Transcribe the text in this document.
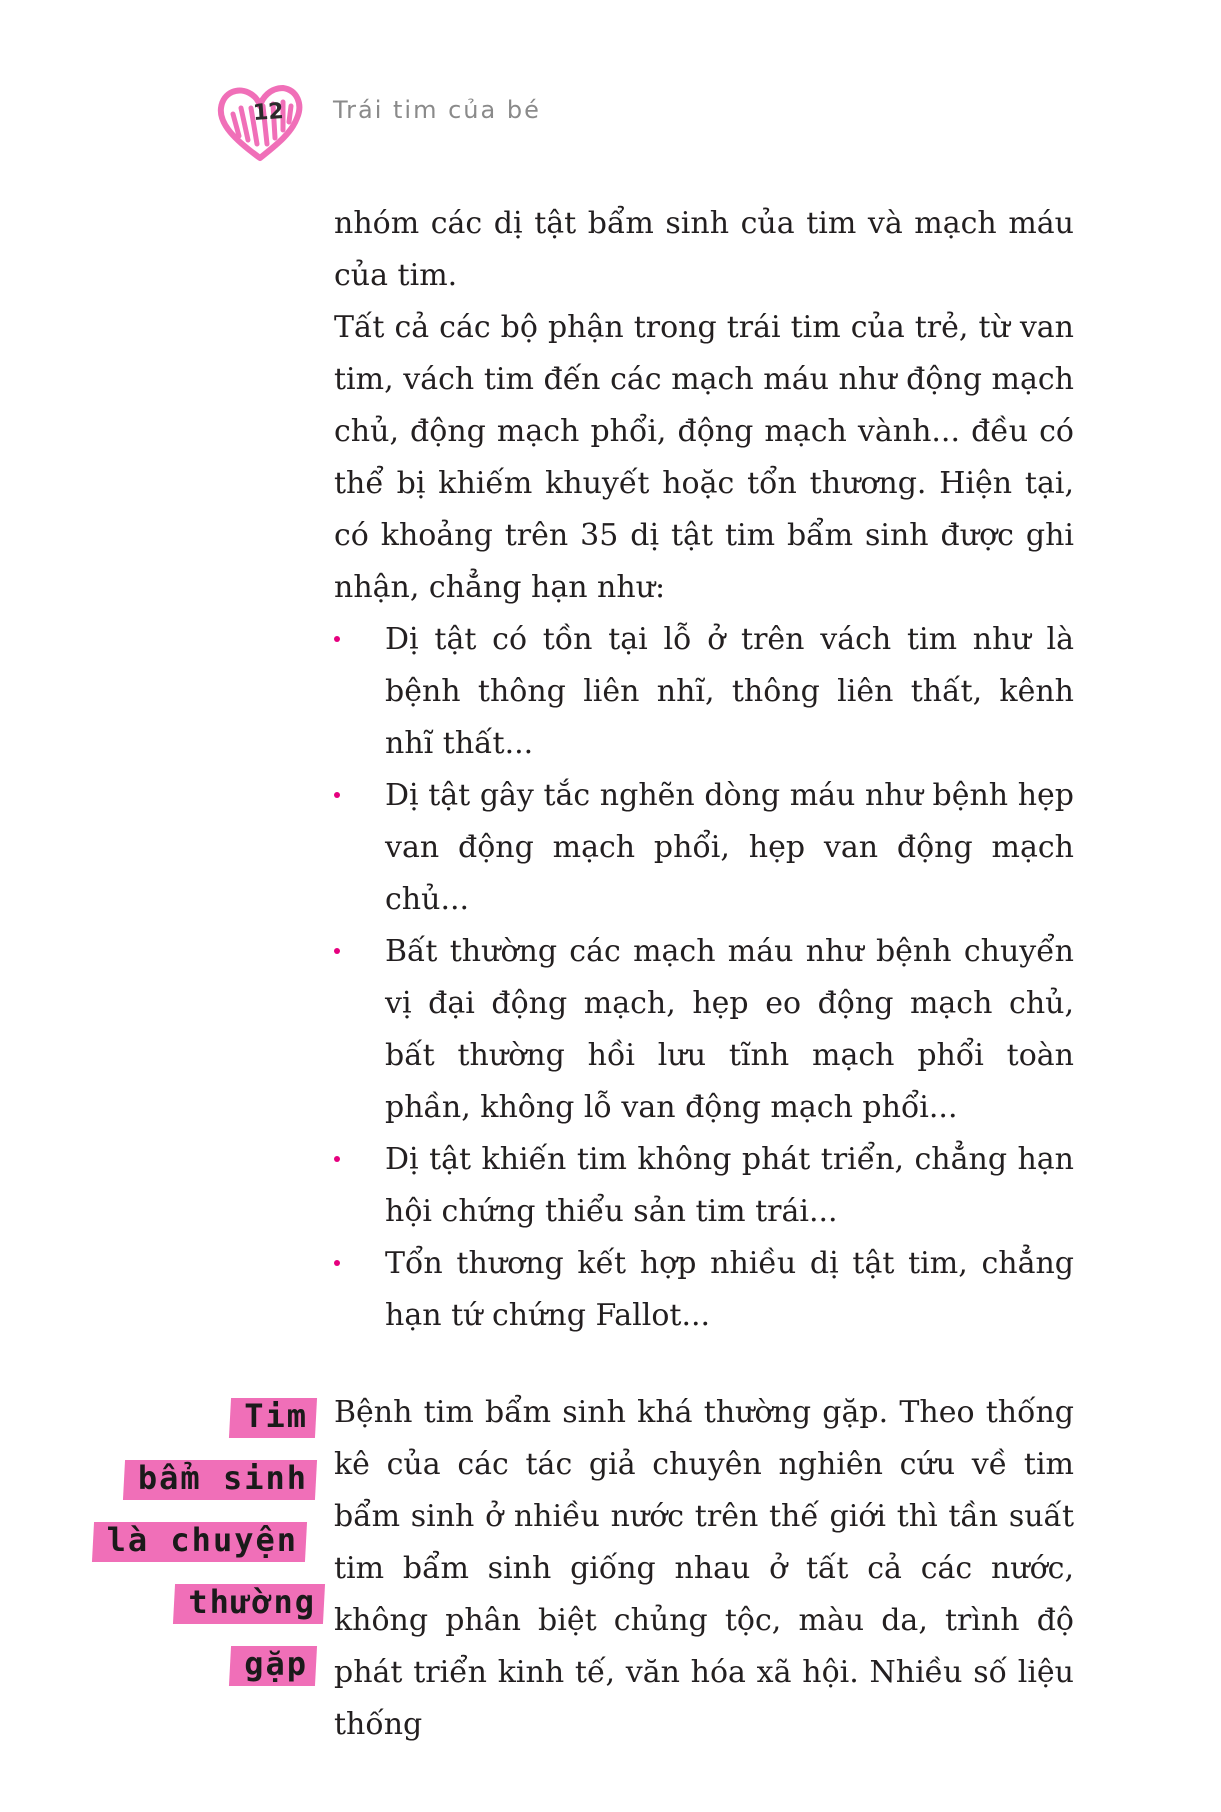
12 Trái tim của bé

nhóm các dị tật bẩm sinh của tim và mạch máu của tim.

Tất cả các bộ phận trong trái tim của trẻ, từ van tim, vách tim đến các mạch máu như động mạch chủ, động mạch phổi, động mạch vành... đều có thể bị khiếm khuyết hoặc tổn thương. Hiện tại, có khoảng trên 35 dị tật tim bẩm sinh được ghi nhận, chẳng hạn như:

Dị tật có tồn tại lỗ ở trên vách tim như là bệnh thông liên nhĩ, thông liên thất, kênh nhĩ thất...
Dị tật gây tắc nghẽn dòng máu như bệnh hẹp van động mạch phổi, hẹp van động mạch chủ...
Bất thường các mạch máu như bệnh chuyển vị đại động mạch, hẹp eo động mạch chủ, bất thường hồi lưu tĩnh mạch phổi toàn phần, không lỗ van động mạch phổi...
Dị tật khiến tim không phát triển, chẳng hạn hội chứng thiểu sản tim trái...
Tổn thương kết hợp nhiều dị tật tim, chẳng hạn tứ chứng Fallot...
Tim
bẩm sinh
là chuyện
thường
gặp

Bệnh tim bẩm sinh khá thường gặp. Theo thống kê của các tác giả chuyên nghiên cứu về tim bẩm sinh ở nhiều nước trên thế giới thì tần suất tim bẩm sinh giống nhau ở tất cả các nước, không phân biệt chủng tộc, màu da, trình độ phát triển kinh tế, văn hóa xã hội. Nhiều số liệu thống
